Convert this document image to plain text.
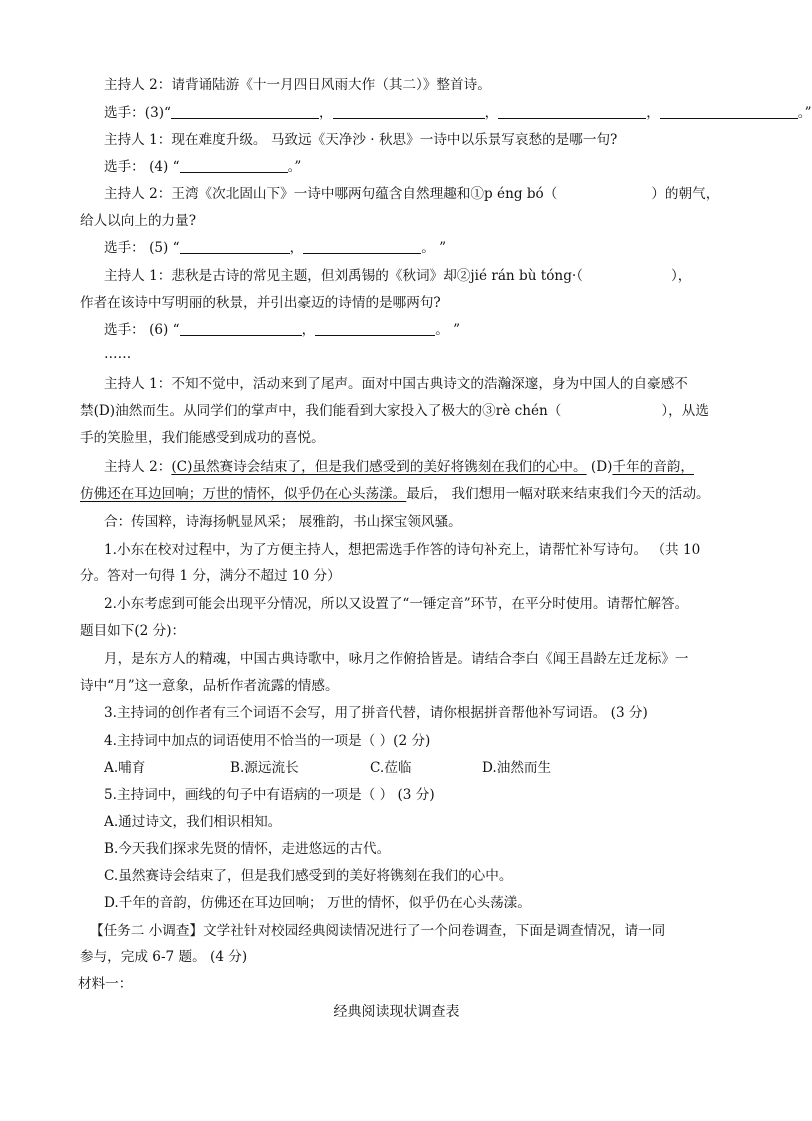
主持人 2：请背诵陆游《十一月四日风雨大作（其二）》整首诗。
选手：(3)“	，	，	，	。”
主持人 1：现在难度升级。 马致远《天净沙 · 秋思》一诗中以乐景写哀愁的是哪一句?
选手： (4) “	。”
主持人 2：王湾《次北固山下》一诗中哪两句蕴含自然理趣和①p éng bó（	）的朝气，
给人以向上的力量?
选手： (5) “	，	。 ”
主持人 1：悲秋是古诗的常见主题，但刘禹锡的《秋词》却②jié rán bù tóng·（	），
作者在该诗中写明丽的秋景，并引出豪迈的诗情的是哪两句?
选手： (6) “	，	。 ”
……
主持人 1：不知不觉中，活动来到了尾声。面对中国古典诗文的浩瀚深邃，身为中国人的自豪感不
禁(D)油然而生。从同学们的掌声中，我们能看到大家投入了极大的③rè chén（	），从选
手的笑脸里，我们能感受到成功的喜悦。
主持人 2：(C)虽然赛诗会结束了，但是我们感受到的美好将镌刻在我们的心中。 (D)千年的音韵，
仿佛还在耳边回响；万世的情怀，似乎仍在心头荡漾。最后， 我们想用一幅对联来结束我们今天的活动。
合：传国粹，诗海扬帆显风采； 展雅韵，书山探宝领风骚。
1.小东在校对过程中，为了方便主持人，想把需选手作答的诗句补充上，请帮忙补写诗句。 （共 10
分。答对一句得 1 分，满分不超过 10 分）
2.小东考虑到可能会出现平分情况，所以又设置了“一锤定音”环节，在平分时使用。请帮忙解答。
题目如下(2 分)：
月，是东方人的精魂，中国古典诗歌中，咏月之作俯拾皆是。请结合李白《闻王昌龄左迁龙标》一
诗中“月”这一意象，品析作者流露的情感。
3.主持词的创作者有三个词语不会写，用了拼音代替，请你根据拼音帮他补写词语。 (3 分)
4.主持词中加点的词语使用不恰当的一项是（ ）(2 分)
A.哺育	B.源远流长	C.莅临	D.油然而生
5.主持词中，画线的句子中有语病的一项是（ ） (3 分)
A.通过诗文，我们相识相知。
B.今天我们探求先贤的情怀，走进悠远的古代。
C.虽然赛诗会结束了，但是我们感受到的美好将镌刻在我们的心中。
D.千年的音韵，仿佛还在耳边回响； 万世的情怀，似乎仍在心头荡漾。
【任务二 小调查】文学社针对校园经典阅读情况进行了一个问卷调查，下面是调查情况，请一同
参与，完成 6-7 题。 (4 分)
材料一：
经典阅读现状调查表
